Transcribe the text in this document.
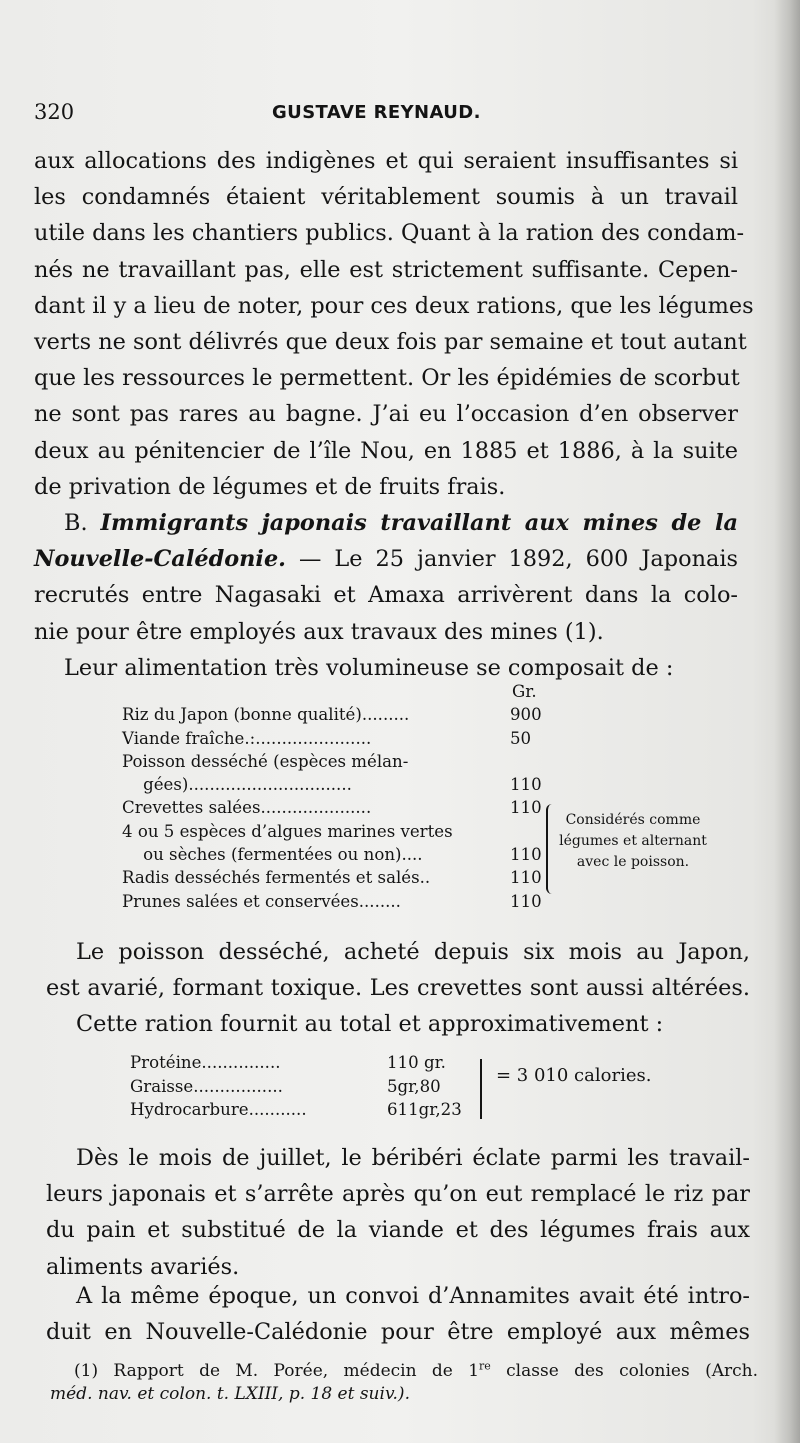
320	GUSTAVE REYNAUD.

aux allocations des indigènes et qui seraient insuffisantes si
les condamnés étaient véritablement soumis à un travail
utile dans les chantiers publics. Quant à la ration des condam-
nés ne travaillant pas, elle est strictement suffisante. Cepen-
dant il y a lieu de noter, pour ces deux rations, que les légumes
verts ne sont délivrés que deux fois par semaine et tout autant
que les ressources le permettent. Or les épidémies de scorbut
ne sont pas rares au bagne. J’ai eu l’occasion d’en observer
deux au pénitencier de l’île Nou, en 1885 et 1886, à la suite
de privation de légumes et de fruits frais.

B. Immigrants japonais travaillant aux mines de la
Nouvelle-Calédonie. — Le 25 janvier 1892, 600 Japonais
recrutés entre Nagasaki et Amaxa arrivèrent dans la colo-
nie pour être employés aux travaux des mines (1).
Leur alimentation très volumineuse se composait de :

Gr.
Riz du Japon (bonne qualité).........	900
Viande fraîche.:......................	50
Poisson desséché (espèces mélan-
gées)...............................	110
Crevettes salées.....................	110
4 ou 5 espèces d’algues marines vertes
ou sèches (fermentées ou non)....	110
Radis desséchés fermentés et salés..	110
Prunes salées et conservées........	110
Considérés comme
légumes et alternant
avec le poisson.

Le poisson desséché, acheté depuis six mois au Japon,
est avarié, formant toxique. Les crevettes sont aussi altérées.
Cette ration fournit au total et approximativement :

Protéine...............	110 gr.
Graisse.................	5gr,80
Hydrocarbure...........	611gr,23
= 3 010 calories.

Dès le mois de juillet, le béribéri éclate parmi les travail-
leurs japonais et s’arrête après qu’on eut remplacé le riz par
du pain et substitué de la viande et des légumes frais aux
aliments avariés.

A la même époque, un convoi d’Annamites avait été intro-
duit en Nouvelle-Calédonie pour être employé aux mêmes

(1) Rapport de M. Porée, médecin de 1re classe des colonies (Arch.
méd. nav. et colon. t. LXIII, p. 18 et suiv.).
